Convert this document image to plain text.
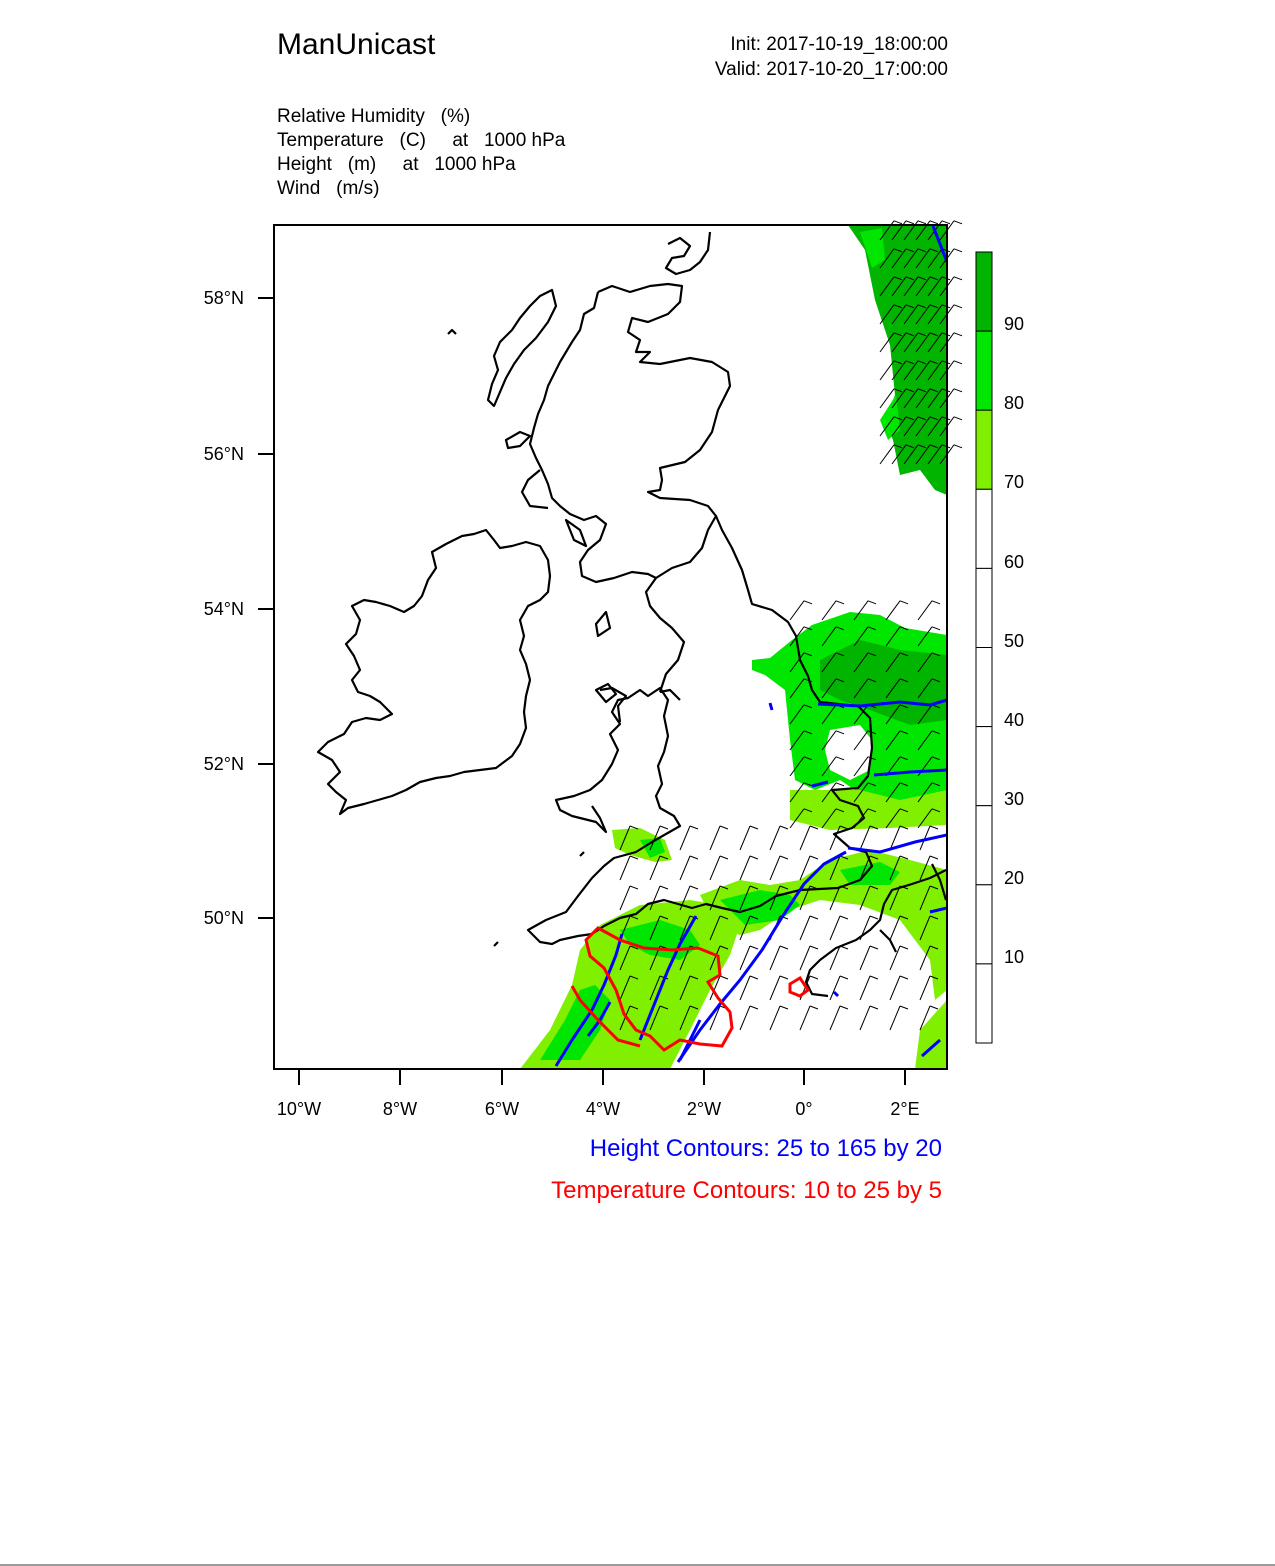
ManUnicast	Init: 2017-10-19_18:00:00
Valid: 2017-10-20_17:00:00
Relative Humidity (%)
Temperature (C) at   1000 hPa
Height (m) at   1000 hPa
Wind (m/s)
58°N
56°N
54°N
52°N
50°N
10°W	8°W	6°W	4°W	2°W	0°	2°E
90
80
70
60
50
40
30
20
10
Height Contours: 25 to 165 by 20
Temperature Contours: 10 to 25 by 5
